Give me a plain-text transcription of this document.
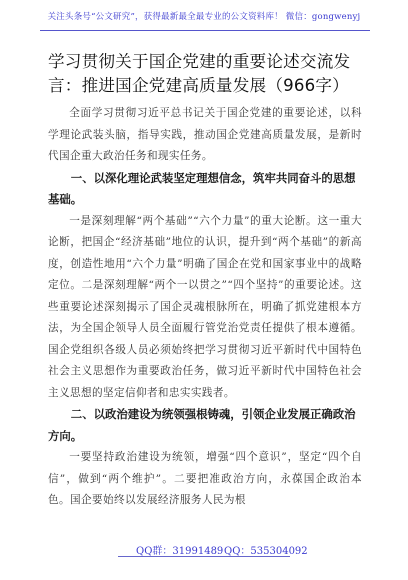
关注头条号“公文研究”，获得最新最全最专业的公文资料库！ 微信：gongwenyj
学习贯彻关于国企党建的重要论述交流发言：推进国企党建高质量发展（966字）

全面学习贯彻习近平总书记关于国企党建的重要论述，以科学理论武装头脑，指导实践，推动国企党建高质量发展，是新时代国企重大政治任务和现实任务。

一、以深化理论武装坚定理想信念，筑牢共同奋斗的思想基础。

一是深刻理解“两个基础”“六个力量”的重大论断。这一重大论断，把国企“经济基础”地位的认识，提升到“两个基础”的新高度，创造性地用“六个力量”明确了国企在党和国家事业中的战略定位。二是深刻理解“两个一以贯之”“四个坚持”的重要论述。这些重要论述深刻揭示了国企灵魂根脉所在，明确了抓党建根本方法，为全国企领导人员全面履行管党治党责任提供了根本遵循。国企党组织各级人员必须始终把学习贯彻习近平新时代中国特色社会主义思想作为重要政治任务，做习近平新时代中国特色社会主义思想的坚定信仰者和忠实实践者。

二、以政治建设为统领强根铸魂，引领企业发展正确政治方向。

一要坚持政治建设为统领，增强“四个意识”，坚定“四个自信”，做到“两个维护”。二要把准政治方向，永葆国企政治本色。国企要始终以发展经济服务人民为根

QQ群：31991489 QQ：535304092
